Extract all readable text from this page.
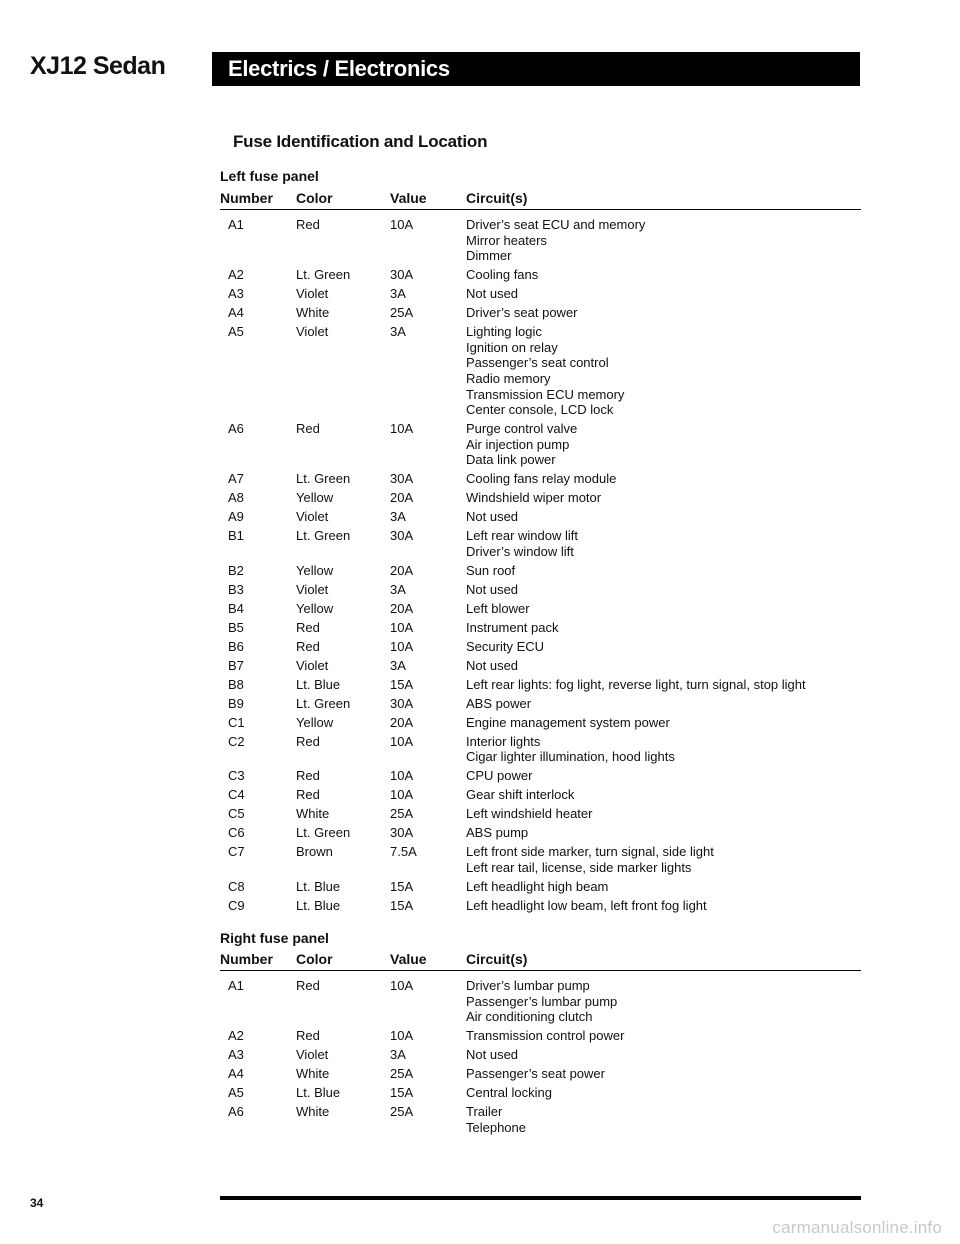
XJ12 Sedan	Electrics / Electronics
Fuse Identification and Location
Left fuse panel
Number Color	Value	Circuit(s)
A1	Red	10A	Driver’s seat ECU and memory
Mirror heaters
Dimmer
A2	Lt. Green	30A	Cooling fans
A3	Violet	3A	Not used
A4	White	25A	Driver’s seat power
A5	Violet	3A	Lighting logic
Ignition on relay
Passenger’s seat control
Radio memory
Transmission ECU memory
Center console, LCD lock
A6	Red	10A	Purge control valve
Air injection pump
Data link power
A7	Lt. Green	30A	Cooling fans relay module
A8	Yellow	20A	Windshield wiper motor
A9	Violet	3A	Not used
B1	Lt. Green	30A	Left rear window lift
Driver’s window lift
B2	Yellow	20A	Sun roof
B3	Violet	3A	Not used
B4	Yellow	20A	Left blower
B5	Red	10A	Instrument pack
B6	Red	10A	Security ECU
B7	Violet	3A	Not used
B8	Lt. Blue	15A	Left rear lights: fog light, reverse light, turn signal, stop light
B9	Lt. Green	30A	ABS power
C1	Yellow	20A	Engine management system power
C2	Red	10A	Interior lights
Cigar lighter illumination, hood lights
C3	Red	10A	CPU power
C4	Red	10A	Gear shift interlock
C5	White	25A	Left windshield heater
C6	Lt. Green	30A	ABS pump
C7	Brown	7.5A	Left front side marker, turn signal, side light
Left rear tail, license, side marker lights
C8	Lt. Blue	15A	Left headlight high beam
C9	Lt. Blue	15A	Left headlight low beam, left front fog light
Right fuse panel
Number Color	Value	Circuit(s)
A1	Red	10A	Driver’s lumbar pump
Passenger’s lumbar pump
Air conditioning clutch
A2	Red	10A	Transmission control power
A3	Violet	3A	Not used
A4	White	25A	Passenger’s seat power
A5	Lt. Blue	15A	Central locking
A6	White	25A	Trailer
Telephone
34
carmanualsonline.info
